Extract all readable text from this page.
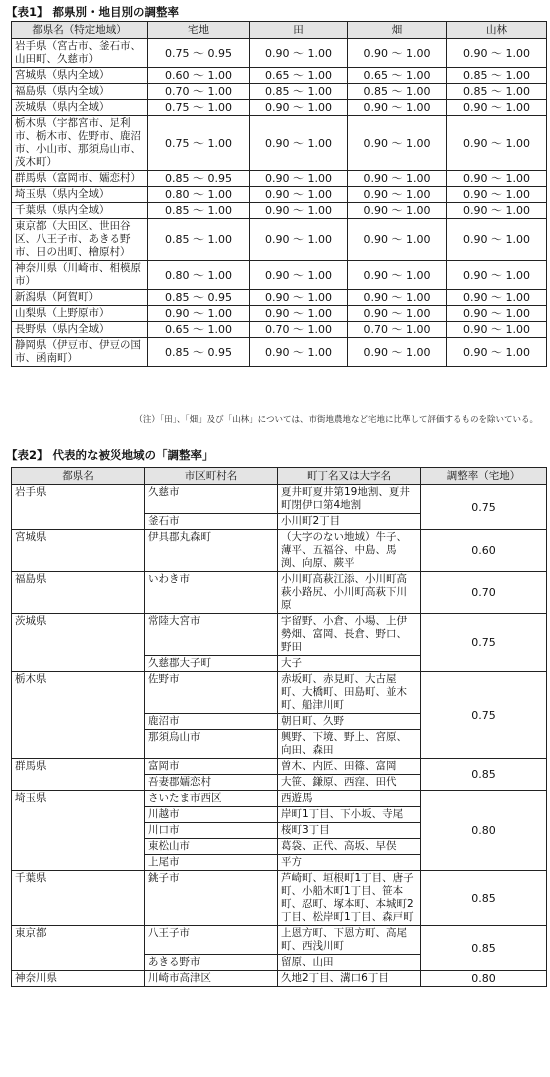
【表1】 都県別・地目別の調整率
都県名（特定地域）	宅地	田	畑	山林
岩手県（宮古市、釜石市、山田町、久慈市）	0.75 ～ 0.95	0.90 ～ 1.00	0.90 ～ 1.00	0.90 ～ 1.00
宮城県（県内全域）	0.60 ～ 1.00	0.65 ～ 1.00	0.65 ～ 1.00	0.85 ～ 1.00
福島県（県内全域）	0.70 ～ 1.00	0.85 ～ 1.00	0.85 ～ 1.00	0.85 ～ 1.00
茨城県（県内全域）	0.75 ～ 1.00	0.90 ～ 1.00	0.90 ～ 1.00	0.90 ～ 1.00
栃木県（宇都宮市、足利市、栃木市、佐野市、鹿沼市、小山市、那須烏山市、茂木町）	0.75 ～ 1.00	0.90 ～ 1.00	0.90 ～ 1.00	0.90 ～ 1.00
群馬県（富岡市、嬬恋村）	0.85 ～ 0.95	0.90 ～ 1.00	0.90 ～ 1.00	0.90 ～ 1.00
埼玉県（県内全域）	0.80 ～ 1.00	0.90 ～ 1.00	0.90 ～ 1.00	0.90 ～ 1.00
千葉県（県内全域）	0.85 ～ 1.00	0.90 ～ 1.00	0.90 ～ 1.00	0.90 ～ 1.00
東京都（大田区、世田谷区、八王子市、あきる野市、日の出町、檜原村）	0.85 ～ 1.00	0.90 ～ 1.00	0.90 ～ 1.00	0.90 ～ 1.00
神奈川県（川崎市、相模原市）	0.80 ～ 1.00	0.90 ～ 1.00	0.90 ～ 1.00	0.90 ～ 1.00
新潟県（阿賀町）	0.85 ～ 0.95	0.90 ～ 1.00	0.90 ～ 1.00	0.90 ～ 1.00
山梨県（上野原市）	0.90 ～ 1.00	0.90 ～ 1.00	0.90 ～ 1.00	0.90 ～ 1.00
長野県（県内全域）	0.65 ～ 1.00	0.70 ～ 1.00	0.70 ～ 1.00	0.90 ～ 1.00
静岡県（伊豆市、伊豆の国市、函南町）	0.85 ～ 0.95	0.90 ～ 1.00	0.90 ～ 1.00	0.90 ～ 1.00
（注）「田」、「畑」及び「山林」については、市街地農地など宅地に比準して評価するものを除いている。
【表2】 代表的な被災地域の「調整率」
都県名	市区町村名	町丁名又は大字名	調整率（宅地）
岩手県	久慈市	夏井町夏井第19地割、夏井町閉伊口第4地割	0.75
	釜石市	小川町2丁目	
宮城県	伊具郡丸森町	（大字のない地域）牛子、薄平、五福谷、中島、馬渕、向原、蕨平	0.60
福島県	いわき市	小川町高萩江添、小川町高萩小路尻、小川町高萩下川原	0.70
茨城県	常陸大宮市	宇留野、小倉、小場、上伊勢畑、富岡、長倉、野口、野田	0.75
	久慈郡大子町	大子	
栃木県	佐野市	赤坂町、赤見町、大古屋町、大橋町、田島町、並木町、船津川町	0.75
	鹿沼市	朝日町、久野	
	那須烏山市	興野、下境、野上、宮原、向田、森田	
群馬県	富岡市	曽木、内匠、田篠、富岡	0.85
	吾妻郡嬬恋村	大笹、鎌原、西窪、田代	
埼玉県	さいたま市西区	西遊馬	0.80
	川越市	岸町1丁目、下小坂、寺尾	
	川口市	桜町3丁目	
	東松山市	葛袋、正代、高坂、早俣	
	上尾市	平方	
千葉県	銚子市	芦崎町、垣根町1丁目、唐子町、小船木町1丁目、笹本町、忍町、塚本町、本城町2丁目、松岸町1丁目、森戸町	0.85
東京都	八王子市	上恩方町、下恩方町、高尾町、西浅川町	0.85
	あきる野市	留原、山田	
神奈川県	川崎市高津区	久地2丁目、溝口6丁目	0.80
